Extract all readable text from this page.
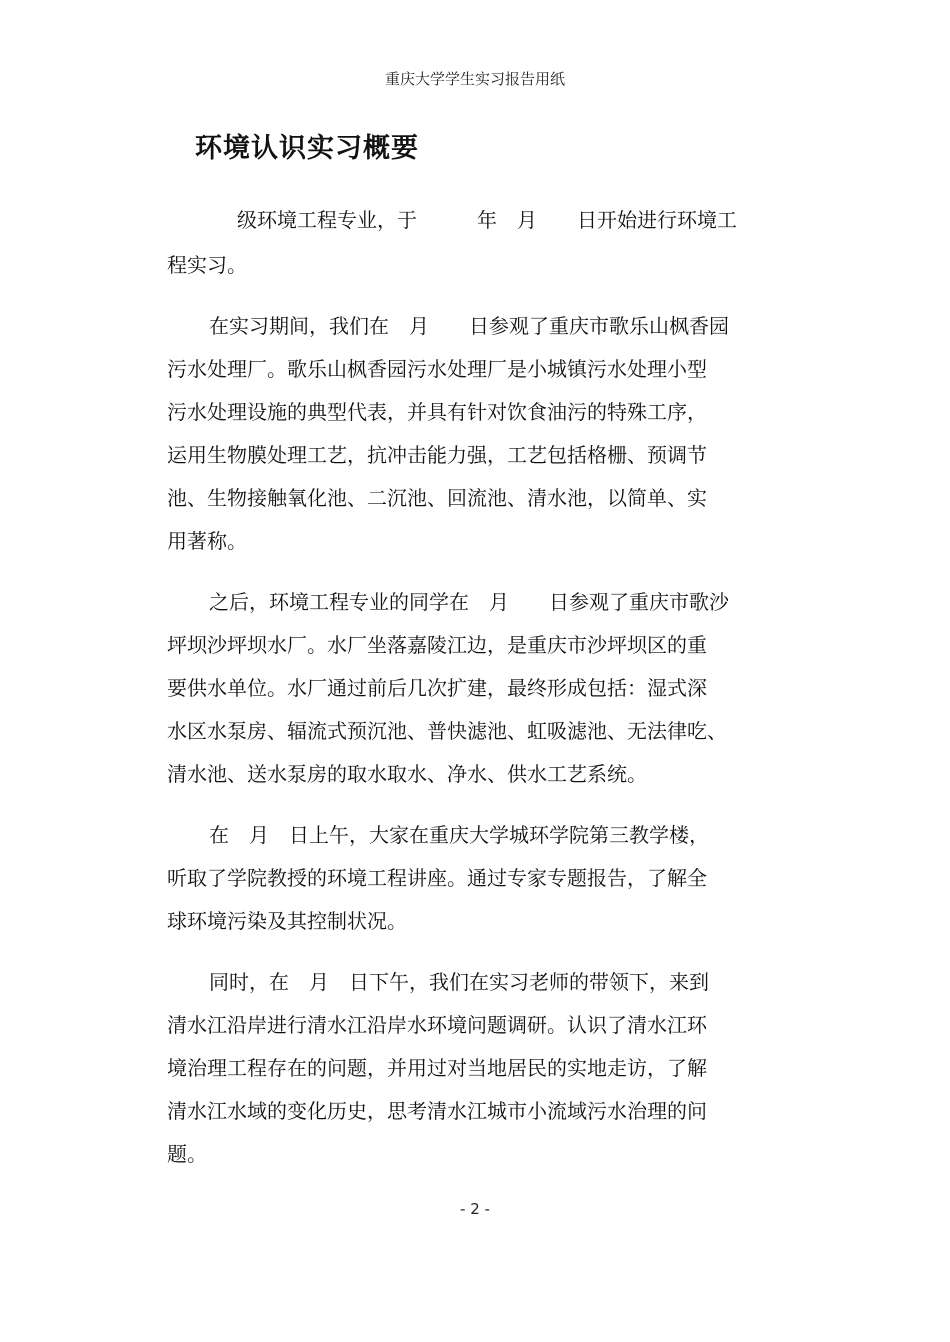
重庆大学学生实习报告用纸
环境认识实习概要
级环境工程专业，于　　　年　月　　日开始进行环境工
程实习。
在实习期间，我们在　月　　日参观了重庆市歌乐山枫香园
污水处理厂。歌乐山枫香园污水处理厂是小城镇污水处理小型
污水处理设施的典型代表，并具有针对饮食油污的特殊工序，
运用生物膜处理工艺，抗冲击能力强，工艺包括格栅、预调节
池、生物接触氧化池、二沉池、回流池、清水池，以简单、实
用著称。
之后，环境工程专业的同学在　月　　日参观了重庆市歌沙
坪坝沙坪坝水厂。水厂坐落嘉陵江边，是重庆市沙坪坝区的重
要供水单位。水厂通过前后几次扩建，最终形成包括：湿式深
水区水泵房、辐流式预沉池、普快滤池、虹吸滤池、无法律吃、
清水池、送水泵房的取水取水、净水、供水工艺系统。
在　月　日上午，大家在重庆大学城环学院第三教学楼，
听取了学院教授的环境工程讲座。通过专家专题报告，了解全
球环境污染及其控制状况。
同时，在　月　日下午，我们在实习老师的带领下，来到
清水江沿岸进行清水江沿岸水环境问题调研。认识了清水江环
境治理工程存在的问题，并用过对当地居民的实地走访，了解
清水江水域的变化历史，思考清水江城市小流域污水治理的问
题。
- 2 -
